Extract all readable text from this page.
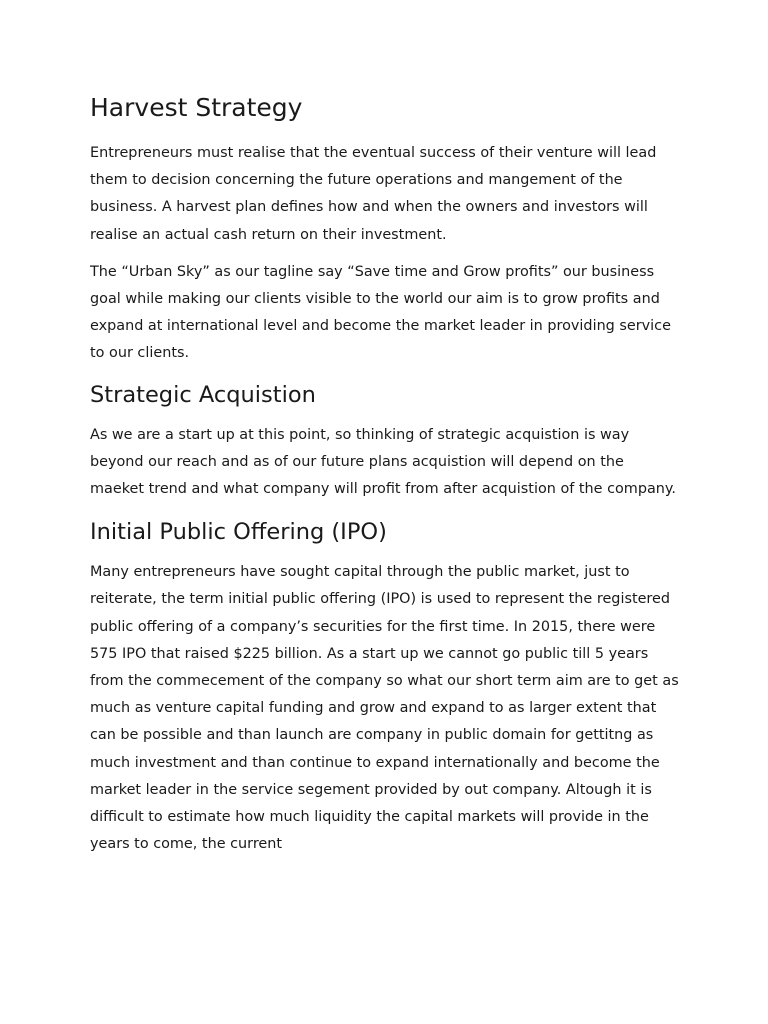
Harvest Strategy

Entrepreneurs must realise that the eventual success of their venture will lead them to decision concerning the future operations and mangement of the business. A harvest plan defines how and when the owners and investors will realise an actual cash return on their investment.

The “Urban Sky” as our tagline say “Save time and Grow profits” our business goal while making our clients visible to the world our aim is to grow profits and expand at international level and become the market leader in providing service to our clients.

Strategic Acquistion

As we are a start up at this point, so thinking of strategic acquistion is way beyond our reach and as of our future plans acquistion will depend on the maeket trend and what company will profit from after acquistion of the company.

Initial Public Offering (IPO)

Many entrepreneurs have sought capital through the public market, just to reiterate, the term initial public offering (IPO) is used to represent the registered public offering of a company’s securities for the first time. In 2015, there were 575 IPO that raised $225 billion. As a start up we cannot go public till 5 years from the commecement of the company so what our short term aim are to get as much as venture capital funding and grow and expand to as larger extent that can be possible and than launch are company in public domain for gettitng as much investment and than continue to expand internationally and become the market leader in the service segement provided by out company. Altough it is difficult to estimate how much liquidity the capital markets will provide in the years to come, the current
